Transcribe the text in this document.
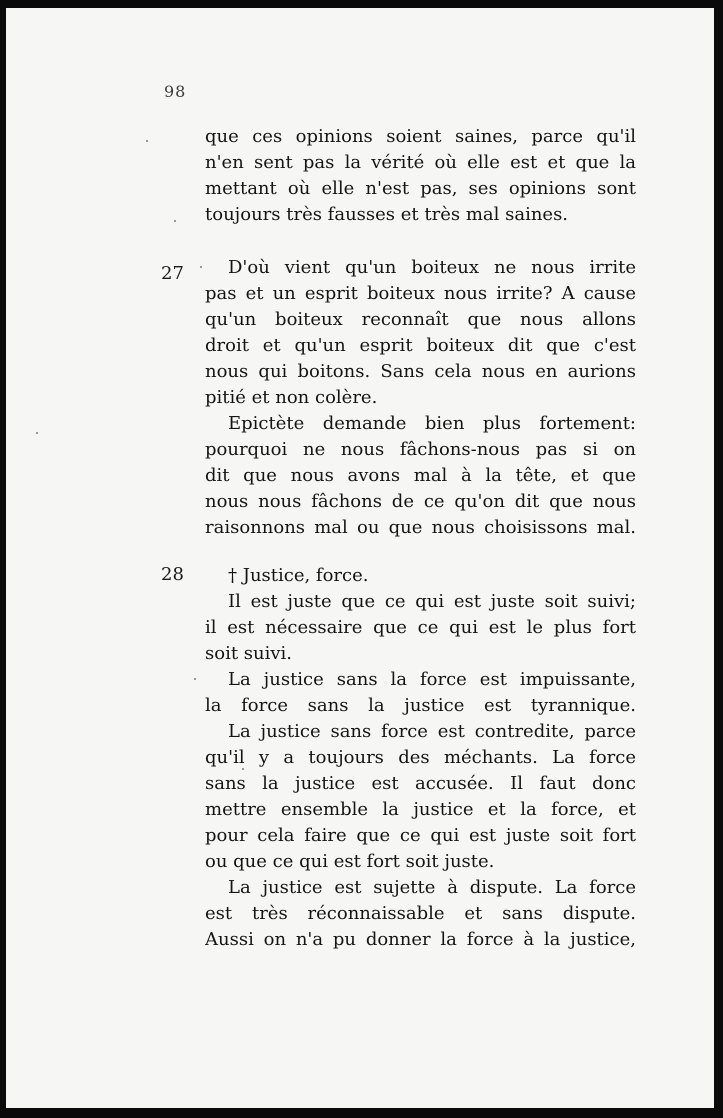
98
que ces opinions soient saines, parce qu'il
n'en sent pas la vérité où elle est et que la
mettant où elle n'est pas, ses opinions sont
toujours très fausses et très mal saines.
27	D'où vient qu'un boiteux ne nous irrite
pas et un esprit boiteux nous irrite? A cause
qu'un boiteux reconnaît que nous allons
droit et qu'un esprit boiteux dit que c'est
nous qui boitons. Sans cela nous en aurions
pitié et non colère.
Epictète demande bien plus fortement:
pourquoi ne nous fâchons-nous pas si on
dit que nous avons mal à la tête, et que
nous nous fâchons de ce qu'on dit que nous
raisonnons mal ou que nous choisissons mal.
28	† Justice, force.
Il est juste que ce qui est juste soit suivi;
il est nécessaire que ce qui est le plus fort
soit suivi.
La justice sans la force est impuissante,
la force sans la justice est tyrannique.
La justice sans force est contredite, parce
qu'il y a toujours des méchants. La force
sans la justice est accusée. Il faut donc
mettre ensemble la justice et la force, et
pour cela faire que ce qui est juste soit fort
ou que ce qui est fort soit juste.
La justice est sujette à dispute. La force
est très réconnaissable et sans dispute.
Aussi on n'a pu donner la force à la justice,
